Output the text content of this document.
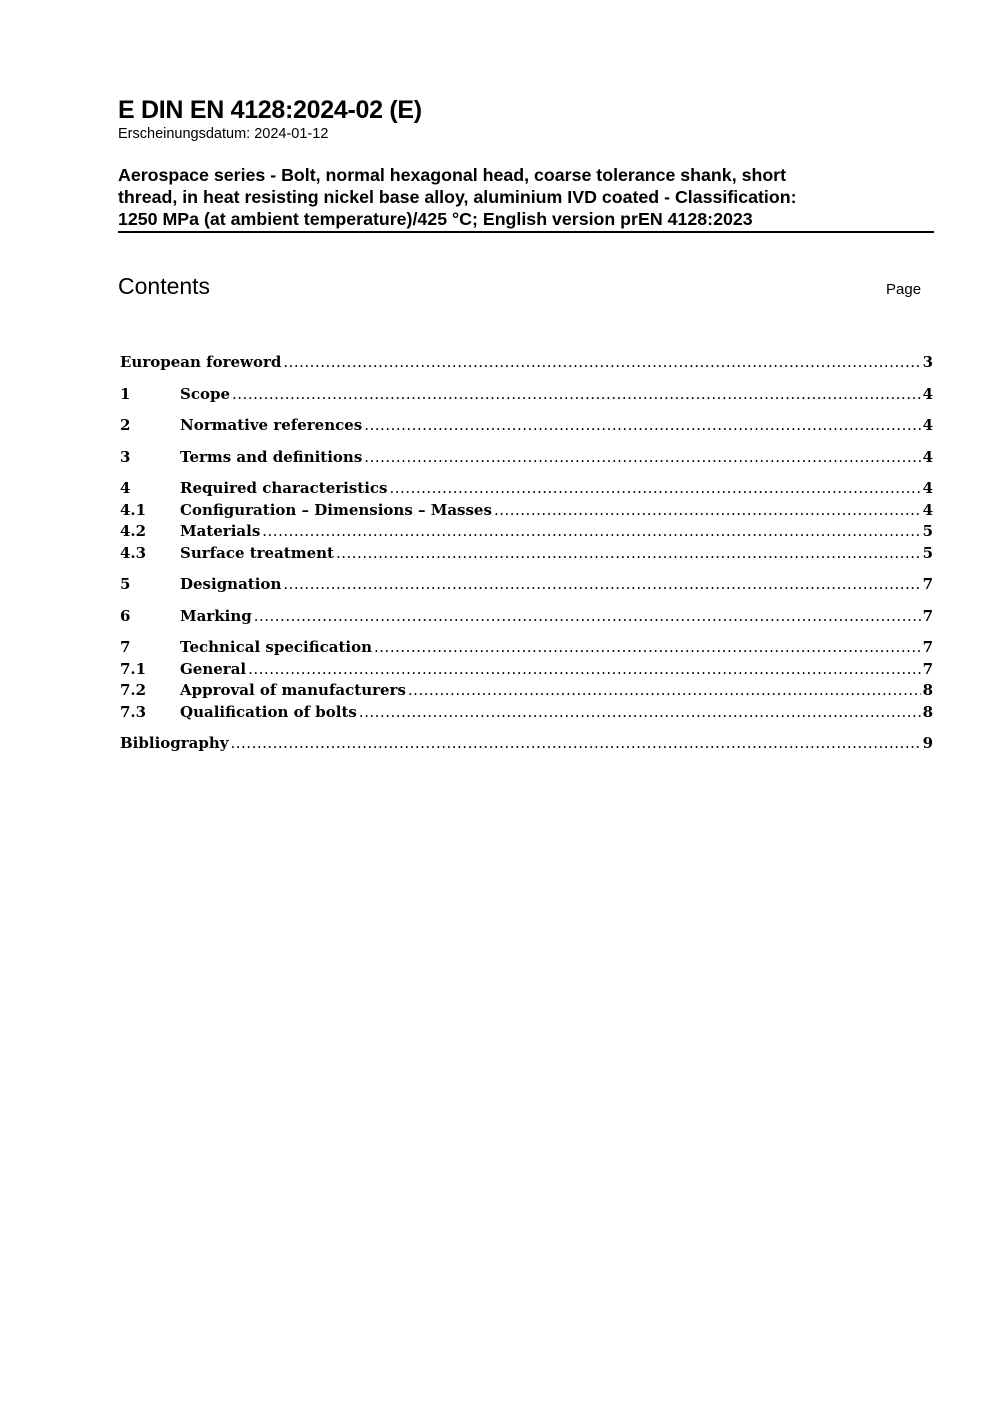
E DIN EN 4128:2024-02 (E)
Erscheinungsdatum: 2024-01-12

Aerospace series - Bolt, normal hexagonal head, coarse tolerance shank, short

thread, in heat resisting nickel base alloy, aluminium IVD coated - Classification:

1250 MPa (at ambient temperature)/425 °C; English version prEN 4128:2023

Contents	Page
European foreword .....	3
1	Scope .....	4
2	Normative references .....	4
3	Terms and definitions .....	4
4	Required characteristics .....	4
4.1	Configuration – Dimensions – Masses .....	4
4.2	Materials .....	5
4.3	Surface treatment .....	5
5	Designation .....	7
6	Marking .....	7
7	Technical specification .....	7
7.1	General .....	7
7.2	Approval of manufacturers .....	8
7.3	Qualification of bolts .....	8
Bibliography .....	9
